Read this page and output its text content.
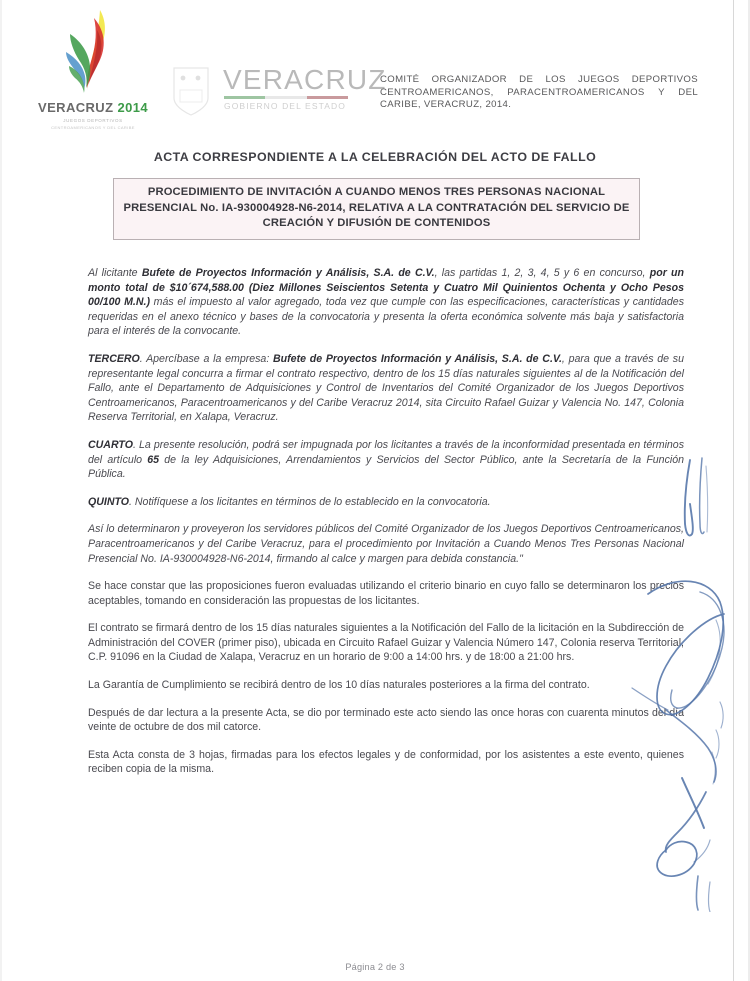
VERACRUZ 2014
JUEGOS DEPORTIVOS
CENTROAMERICANOS Y DEL CARIBE
VERACRUZ
GOBIERNO DEL ESTADO
COMITÉ ORGANIZADOR DE LOS JUEGOS DEPORTIVOS CENTROAMERICANOS, PARACENTROAMERICANOS Y DEL CARIBE, VERACRUZ, 2014.
ACTA CORRESPONDIENTE A LA CELEBRACIÓN DEL ACTO DE FALLO
PROCEDIMIENTO DE INVITACIÓN A CUANDO MENOS TRES PERSONAS NACIONAL PRESENCIAL No. IA-930004928-N6-2014, RELATIVA A LA CONTRATACIÓN DEL SERVICIO DE CREACIÓN Y DIFUSIÓN DE CONTENIDOS

Al licitante Bufete de Proyectos Información y Análisis, S.A. de C.V., las partidas 1, 2, 3, 4, 5 y 6 en concurso, por un monto total de $10´674,588.00 (Diez Millones Seiscientos Setenta y Cuatro Mil Quinientos Ochenta y Ocho Pesos 00/100 M.N.) más el impuesto al valor agregado, toda vez que cumple con las especificaciones, características y cantidades requeridas en el anexo técnico y bases de la convocatoria y presenta la oferta económica solvente más baja y satisfactoria para el interés de la convocante.

TERCERO. Apercíbase a la empresa: Bufete de Proyectos Información y Análisis, S.A. de C.V., para que a través de su representante legal concurra a firmar el contrato respectivo, dentro de los 15 días naturales siguientes al de la Notificación del Fallo, ante el Departamento de Adquisiciones y Control de Inventarios del Comité Organizador de los Juegos Deportivos Centroamericanos, Paracentroamericanos y del Caribe Veracruz 2014, sita Circuito Rafael Guizar y Valencia No. 147, Colonia Reserva Territorial, en Xalapa, Veracruz.

CUARTO. La presente resolución, podrá ser impugnada por los licitantes a través de la inconformidad presentada en términos del artículo 65 de la ley Adquisiciones, Arrendamientos y Servicios del Sector Público, ante la Secretaría de la Función Pública.

QUINTO. Notifíquese a los licitantes en términos de lo establecido en la convocatoria.

Así lo determinaron y proveyeron los servidores públicos del Comité Organizador de los Juegos Deportivos Centroamericanos, Paracentroamericanos y del Caribe Veracruz, para el procedimiento por Invitación a Cuando Menos Tres Personas Nacional Presencial No. IA-930004928-N6-2014, firmando al calce y margen para debida constancia."

Se hace constar que las proposiciones fueron evaluadas utilizando el criterio binario en cuyo fallo se determinaron los precios aceptables, tomando en consideración las propuestas de los licitantes.

El contrato se firmará dentro de los 15 días naturales siguientes a la Notificación del Fallo de la licitación en la Subdirección de Administración del COVER (primer piso), ubicada en Circuito Rafael Guizar y Valencia Número 147, Colonia reserva Territorial, C.P. 91096 en la Ciudad de Xalapa, Veracruz en un horario de 9:00 a 14:00 hrs. y de 18:00 a 21:00 hrs.

La Garantía de Cumplimiento se recibirá dentro de los 10 días naturales posteriores a la firma del contrato.

Después de dar lectura a la presente Acta, se dio por terminado este acto siendo las once horas con cuarenta minutos del día veinte de octubre de dos mil catorce.

Esta Acta consta de 3 hojas, firmadas para los efectos legales y de conformidad, por los asistentes a este evento, quienes reciben copia de la misma.

Página 2 de 3
